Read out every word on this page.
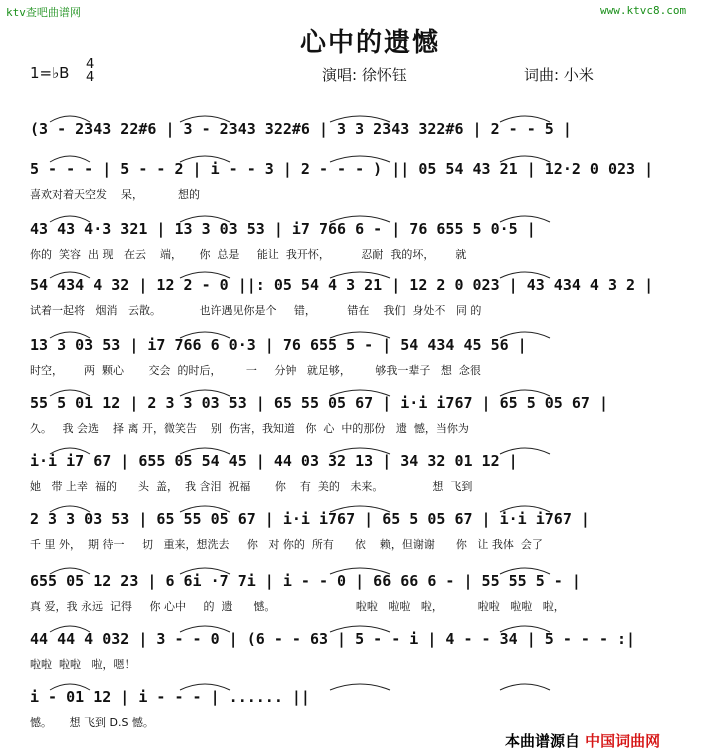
ktv查吧曲谱网	www.ktvc8.com
心中的遗憾
1=♭B 4
4	演唱: 徐怀钰	词曲: 小米
(3 - 2343 22#6 | 3 - 2343 322#6 | 3 3 2343 322#6 | 2 - - 5 |
5 - - - | 5 - - 2 | i - - 3 | 2 - - - ) || 05 54 43 21 | 12·2 0 023 |
喜欢对着天空发    呆，          想的
43 43 4·3 321 | 13 3 03 53 | i7 766 6 - | 76 655 5 0·5 |
你的  笑容  出 现   在云    端，     你  总是     能让  我开怀，         忍耐  我的坏，      就
54 434 4 32 | 12 2 - 0 ||: 05 54 4 3 21 | 12 2 0 023 | 43 434 4 3 2 |
试着一起将   烟消   云散。           也许遇见你是个     错，         错在    我们  身处不   同 的
13 3 03 53 | i7 766 6 0·3 | 76 655 5 - | 54 434 45 56 |
时空，      两  颗心       交会  的时后，       一     分钟   就足够，       够我一辈子   想  念很
55 5 01 12 | 2 3 3 03 53 | 65 55 05 67 | i·i i767 | 65 5 05 67 |
久。   我 会选    择 离 开，微笑告    别  伤害，我知道   你  心  中的那份   遗  憾，当你为
i·i i7 67 | 655 05 54 45 | 44 03 32 13 | 34 32 01 12 |
她   带 上幸  福的      头  盖，  我 含泪  祝福       你    有  美的   未来。              想  飞到
2 3 3 03 53 | 65 55 05 67 | i·i i767 | 65 5 05 67 | i·i i767 |
千 里 外，  期 待一     切   重来，想洗去     你   对 你的  所有      依    赖，但谢谢      你   让 我体  会了
655 05 12 23 | 6 6i ·7 7i | i - - 0 | 66 66 6 - | 55 55 5 - |
真 爱，我 永远  记得     你 心中     的  遗      憾。                       啦啦   啦啦   啦，          啦啦   啦啦   啦，
44 44 4 032 | 3 - - 0 | (6 - - 63 | 5 - - i | 4 - - 34 | 5 - - - :|
啦啦  啦啦   啦，嗯！
i - 01 12 | i - - - | ...... ||
憾。     想 飞到 D.S 憾。
本曲谱源自 中国词曲网
